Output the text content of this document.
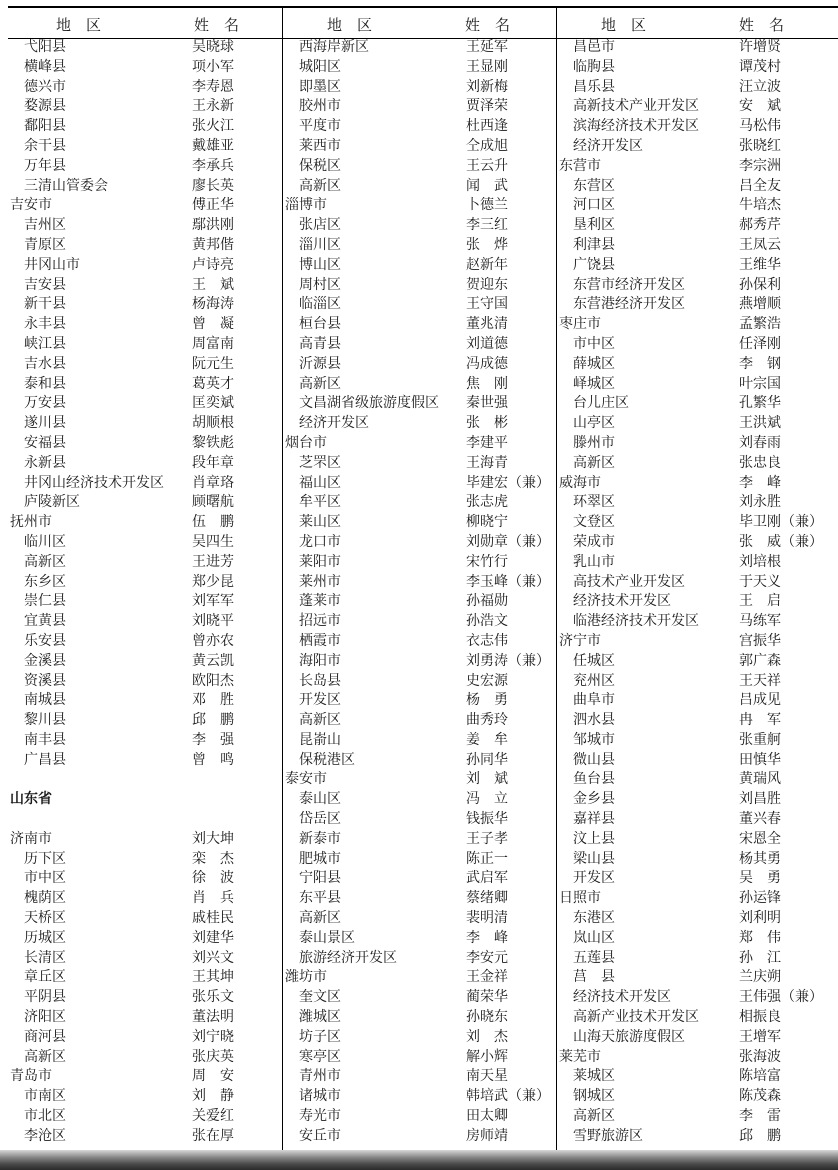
地　区	姓　名
弋阳县	吴晓球
横峰县	项小军
德兴市	李寿恩
婺源县	王永新
鄱阳县	张火江
余干县	戴雄亚
万年县	李承兵
三清山管委会	廖长英
吉安市	傅正华
吉州区	鄢洪刚
青原区	黄邦偕
井冈山市	卢诗亮
吉安县	王　斌
新干县	杨海涛
永丰县	曾　凝
峡江县	周富南
吉水县	阮元生
泰和县	葛英才
万安县	匡奕斌
遂川县	胡顺根
安福县	黎铁彪
永新县	段年章
井冈山经济技术开发区 肖章珞
庐陵新区	顾曙航
抚州市	伍　鹏
临川区	吴四生
高新区	王进芳
东乡区	郑少昆
崇仁县	刘军军
宜黄县	刘晓平
乐安县	曾亦农
金溪县	黄云凯
资溪县	欧阳杰
南城县	邓　胜
黎川县	邱　鹏
南丰县	李　强
广昌县	曾　鸣
山东省
济南市	刘大坤
历下区	栾　杰
市中区	徐　波
槐荫区	肖　兵
天桥区	戚桂民
历城区	刘建华
长清区	刘兴文
章丘区	王其坤
平阴县	张乐文
济阳区	董法明
商河县	刘宁晓
高新区	张庆英
青岛市	周　安
市南区	刘　静
市北区	关爱红
李沧区	张在厚
地　区	姓　名
西海岸新区	王延军
城阳区	王显刚
即墨区	刘新梅
胶州市	贾泽荣
平度市	杜西逢
莱西市	仝成旭
保税区	王云升
高新区	闻　武
淄博市	卜德兰
张店区	李三红
淄川区	张　烨
博山区	赵新年
周村区	贺迎东
临淄区	王守国
桓台县	董兆清
高青县	刘道德
沂源县	冯成德
高新区	焦　刚
文昌湖省级旅游度假区 秦世强
经济开发区	张　彬
烟台市	李建平
芝罘区	王海青
福山区	毕建宏（兼）
牟平区	张志虎
莱山区	柳晓宁
龙口市	刘勋章（兼）
莱阳市	宋竹行
莱州市	李玉峰（兼）
蓬莱市	孙福勋
招远市	孙浩文
栖霞市	衣志伟
海阳市	刘勇涛（兼）
长岛县	史宏源
开发区	杨　勇
高新区	曲秀玲
昆嵛山	姜　牟
保税港区	孙同华
泰安市	刘　斌
泰山区	冯　立
岱岳区	钱振华
新泰市	王子孝
肥城市	陈正一
宁阳县	武启军
东平县	蔡绪卿
高新区	裴明清
泰山景区	李　峰
旅游经济开发区	李安元
潍坊市	王金祥
奎文区	蔺荣华
潍城区	孙晓东
坊子区	刘　杰
寒亭区	解小辉
青州市	南天星
诸城市	韩培武（兼）
寿光市	田太卿
安丘市	房师靖
地　区	姓　名
昌邑市	许增贤
临朐县	谭茂村
昌乐县	汪立波
高新技术产业开发区	安　斌
滨海经济技术开发区	马松伟
经济开发区	张晓红
东营市	李宗洲
东营区	吕全友
河口区	牛培杰
垦利区	郝秀芹
利津县	王凤云
广饶县	王维华
东营市经济开发区	孙保利
东营港经济开发区	燕增顺
枣庄市	孟繁浩
市中区	任泽刚
薛城区	李　钢
峄城区	叶宗国
台儿庄区	孔繁华
山亭区	王洪斌
滕州市	刘春雨
高新区	张忠良
威海市	李　峰
环翠区	刘永胜
文登区	毕卫刚（兼）
荣成市	张　威（兼）
乳山市	刘培根
高技术产业开发区	于天义
经济技术开发区	王　启
临港经济技术开发区	马练军
济宁市	宫振华
任城区	郭广森
兖州区	王天祥
曲阜市	吕成见
泗水县	冉　军
邹城市	张重舸
微山县	田慎华
鱼台县	黄瑞风
金乡县	刘昌胜
嘉祥县	董兴春
汶上县	宋恩全
梁山县	杨其勇
开发区	吴　勇
日照市	孙运锋
东港区	刘利明
岚山区	郑　伟
五莲县	孙　江
莒　县	兰庆朔
经济技术开发区	王伟强（兼）
高新产业技术开发区	相振良
山海天旅游度假区	王增军
莱芜市	张海波
莱城区	陈培富
钢城区	陈茂森
高新区	李　雷
雪野旅游区	邱　鹏
